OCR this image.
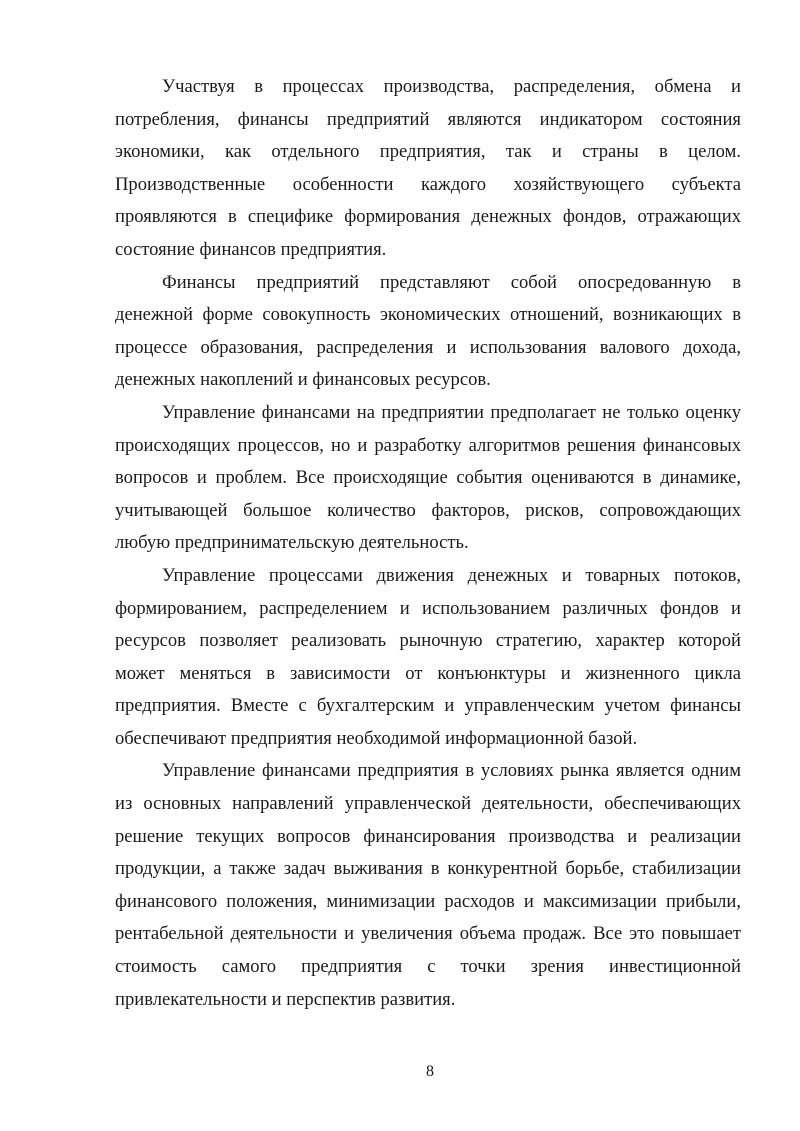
Участвуя в процессах производства, распределения, обмена и потребления, финансы предприятий являются индикатором состояния экономики, как отдельного предприятия, так и страны в целом. Производственные особенности каждого хозяйствующего субъекта проявляются в специфике формирования денежных фондов, отражающих состояние финансов предприятия.

Финансы предприятий представляют собой опосредованную в денежной форме совокупность экономических отношений, возникающих в процессе образования, распределения и использования валового дохода, денежных накоплений и финансовых ресурсов.

Управление финансами на предприятии предполагает не только оценку происходящих процессов, но и разработку алгоритмов решения финансовых вопросов и проблем. Все происходящие события оцениваются в динамике, учитывающей большое количество факторов, рисков, сопровождающих любую предпринимательскую деятельность.

Управление процессами движения денежных и товарных потоков, формированием, распределением и использованием различных фондов и ресурсов позволяет реализовать рыночную стратегию, характер которой может меняться в зависимости от конъюнктуры и жизненного цикла предприятия. Вместе с бухгалтерским и управленческим учетом финансы обеспечивают предприятия необходимой информационной базой.

Управление финансами предприятия в условиях рынка является одним из основных направлений управленческой деятельности, обеспечивающих решение текущих вопросов финансирования производства и реализации продукции, а также задач выживания в конкурентной борьбе, стабилизации финансового положения, минимизации расходов и максимизации прибыли, рентабельной деятельности и увеличения объема продаж. Все это повышает стоимость самого предприятия с точки зрения инвестиционной привлекательности и перспектив развития.

8
